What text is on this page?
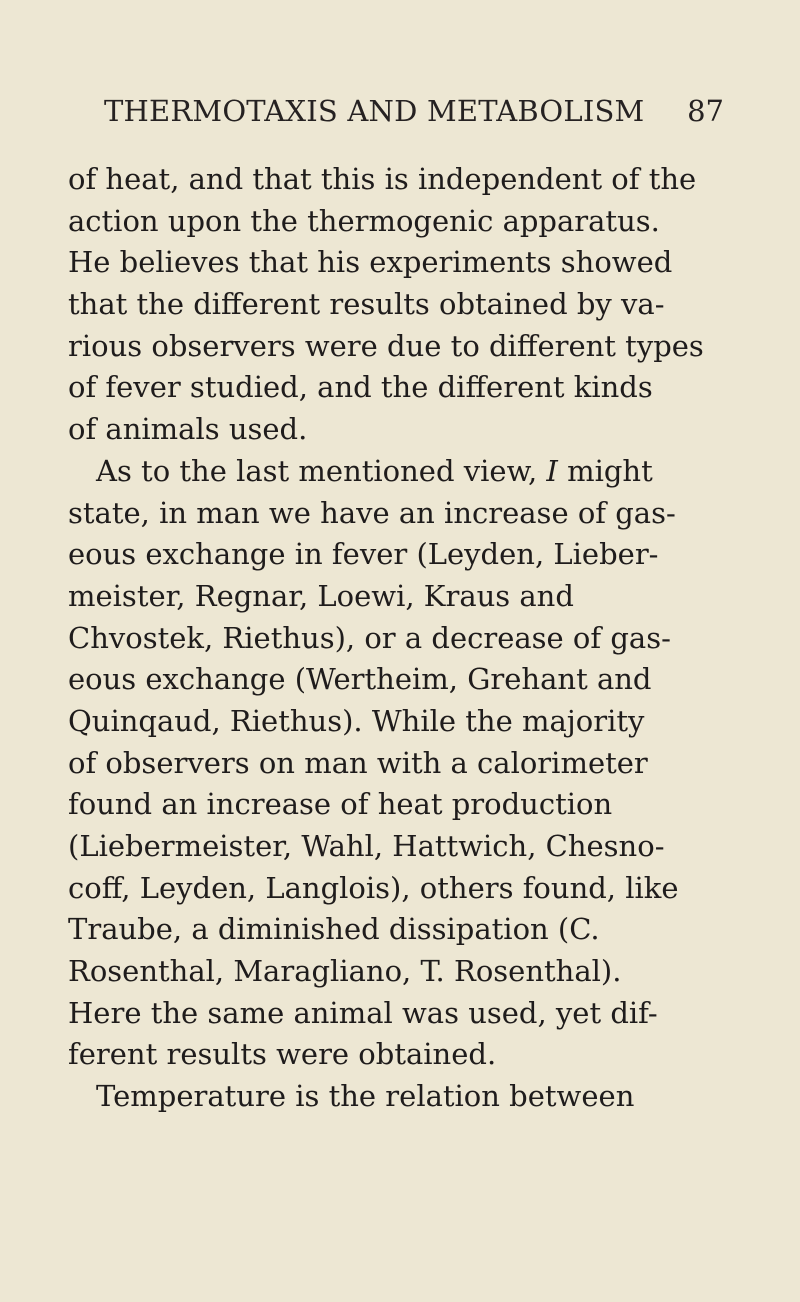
THERMOTAXIS AND METABOLISM 87
of heat, and that this is independent of the
action upon the thermogenic apparatus.
He believes that his experiments showed
that the different results obtained by va-
rious observers were due to different types
of fever studied, and the different kinds
of animals used.
As to the last mentioned view, I might
state, in man we have an increase of gas-
eous exchange in fever (Leyden, Lieber-
meister, Regnar, Loewi, Kraus and
Chvostek, Riethus), or a decrease of gas-
eous exchange (Wertheim, Grehant and
Quinqaud, Riethus). While the majority
of observers on man with a calorimeter
found an increase of heat production
(Liebermeister, Wahl, Hattwich, Chesno-
coff, Leyden, Langlois), others found, like
Traube, a diminished dissipation (C.
Rosenthal, Maragliano, T. Rosenthal).
Here the same animal was used, yet dif-
ferent results were obtained.
Temperature is the relation between
